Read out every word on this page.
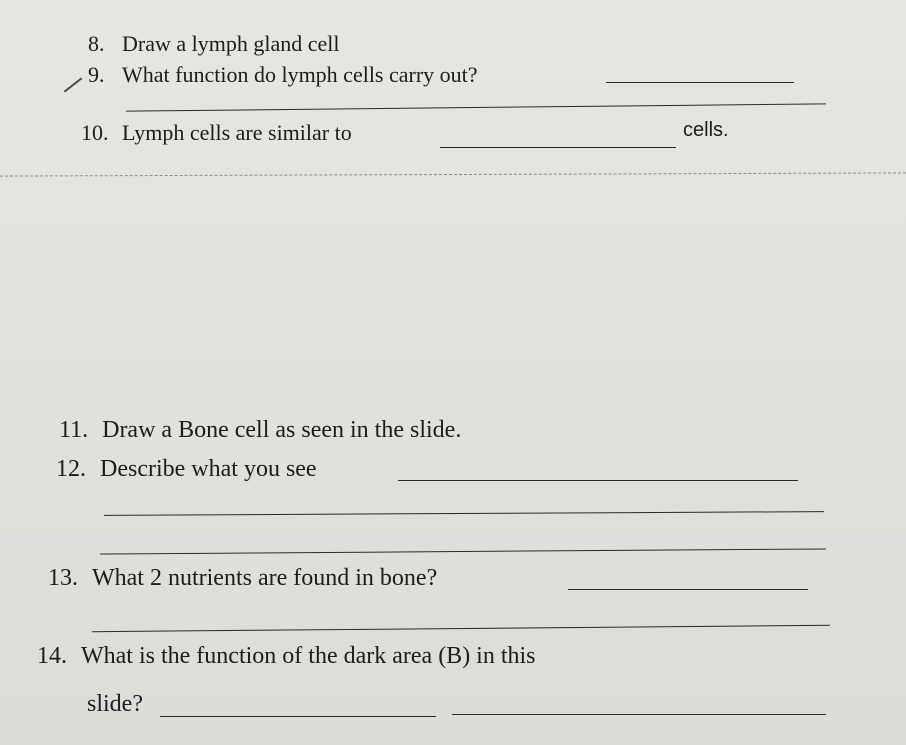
8. Draw a lymph gland cell
9. What function do lymph cells carry out?
10. Lymph cells are similar to	cells.
11. Draw a Bone cell as seen in the slide.
12. Describe what you see
13. What 2 nutrients are found in bone?
14. What is the function of the dark area (B) in this
slide?
